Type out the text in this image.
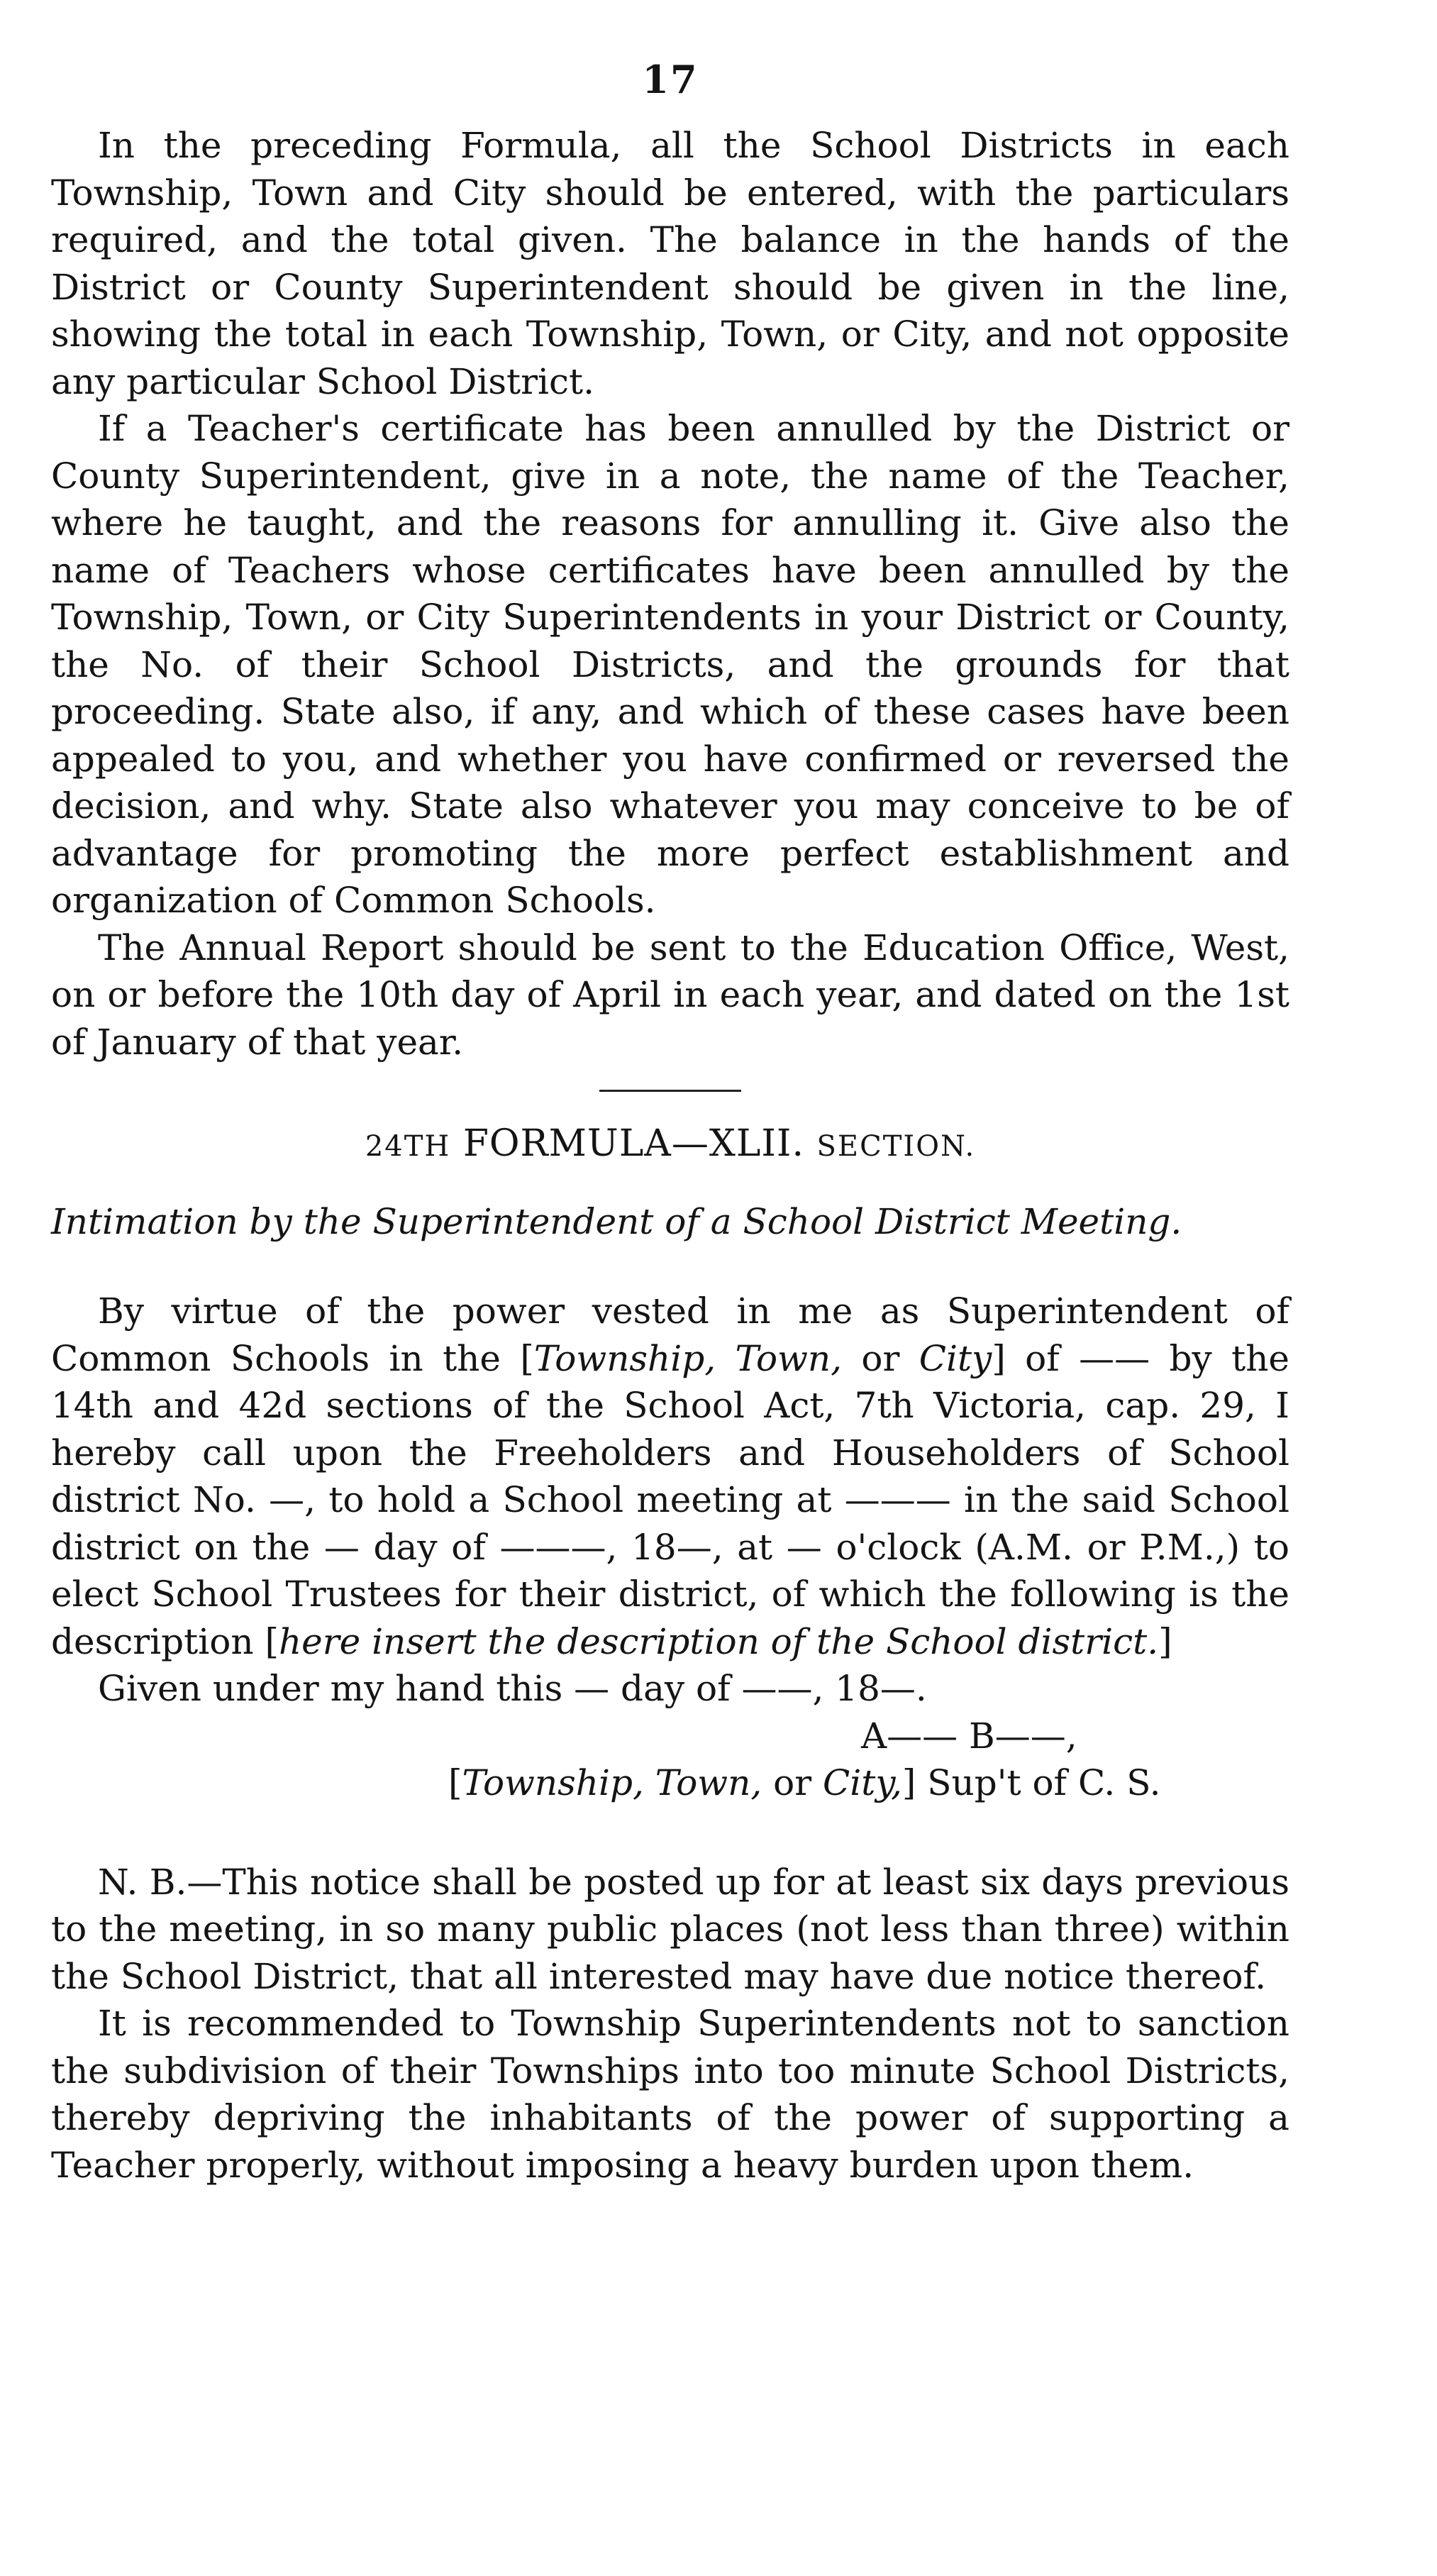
17

In the preceding Formula, all the School Districts in each Township, Town and City should be entered, with the particulars required, and the total given. The balance in the hands of the District or County Superintendent should be given in the line, showing the total in each Township, Town, or City, and not opposite any particular School District.

If a Teacher's certificate has been annulled by the District or County Superintendent, give in a note, the name of the Teacher, where he taught, and the reasons for annulling it. Give also the name of Teachers whose certificates have been annulled by the Township, Town, or City Superintendents in your District or County, the No. of their School Districts, and the grounds for that proceeding. State also, if any, and which of these cases have been appealed to you, and whether you have confirmed or reversed the decision, and why. State also whatever you may conceive to be of advantage for promoting the more perfect establishment and organization of Common Schools.

The Annual Report should be sent to the Education Office, West, on or before the 10th day of April in each year, and dated on the 1st of January of that year.

24TH FORMULA—XLII. SECTION.
Intimation by the Superintendent of a School District Meeting.

By virtue of the power vested in me as Superintendent of Common Schools in the [Township, Town, or City] of —— by the 14th and 42d sections of the School Act, 7th Victoria, cap. 29, I hereby call upon the Freeholders and Householders of School district No. —, to hold a School meeting at ——— in the said School district on the — day of ———, 18—, at — o'clock (A.M. or P.M.,) to elect School Trustees for their district, of which the following is the description [here insert the description of the School district.]

Given under my hand this — day of ——, 18—.

A—— B——,
[Township, Town, or City,] Sup't of C. S.

N. B.—This notice shall be posted up for at least six days previous to the meeting, in so many public places (not less than three) within the School District, that all interested may have due notice thereof.

It is recommended to Township Superintendents not to sanction the subdivision of their Townships into too minute School Districts, thereby depriving the inhabitants of the power of supporting a Teacher properly, without imposing a heavy burden upon them.
